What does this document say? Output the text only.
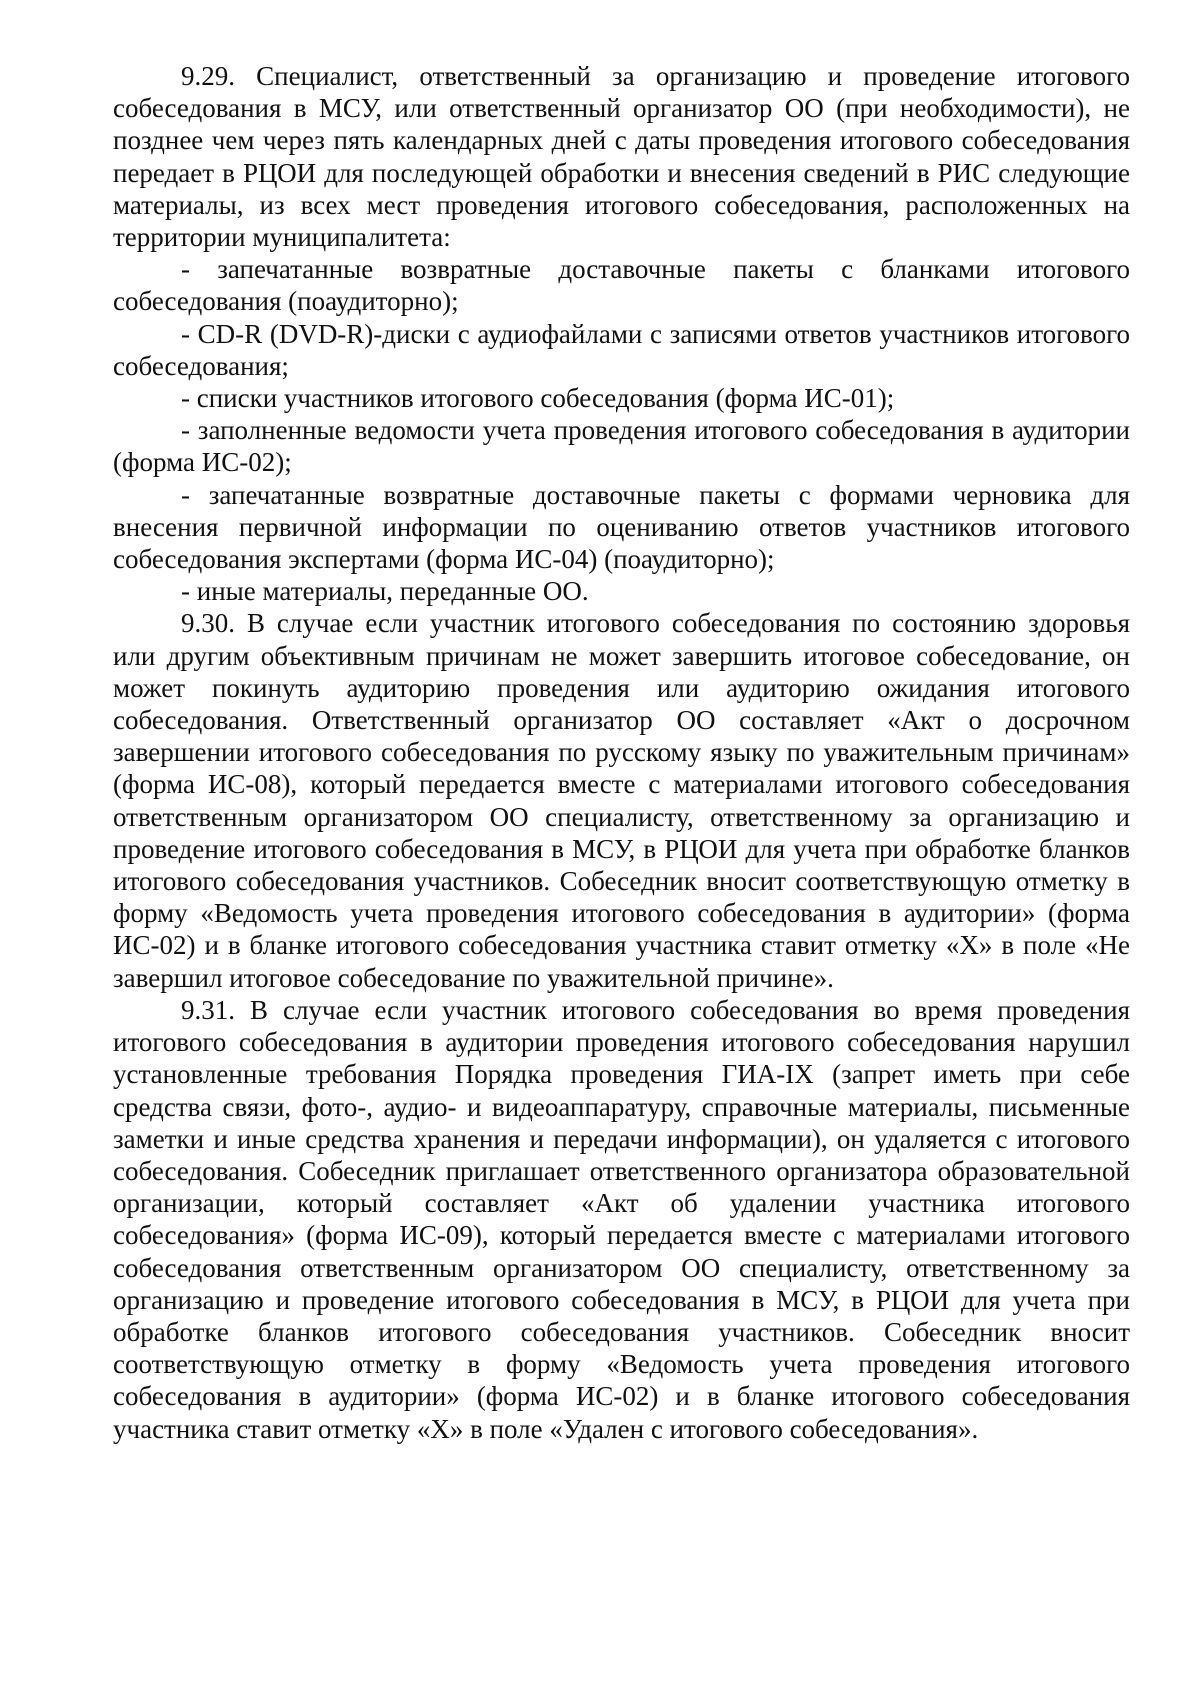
9.29. Специалист, ответственный за организацию и проведение итогового собеседования в МСУ, или ответственный организатор ОО (при необходимости), не позднее чем через пять календарных дней с даты проведения итогового собеседования передает в РЦОИ для последующей обработки и внесения сведений в РИС следующие материалы, из всех мест проведения итогового собеседования, расположенных на территории муниципалитета:

- запечатанные возвратные доставочные пакеты с бланками итогового собеседования (поаудиторно);

- CD-R (DVD-R)-диски с аудиофайлами с записями ответов участников итогового собеседования;

- списки участников итогового собеседования (форма ИС-01);

- заполненные ведомости учета проведения итогового собеседования в аудитории (форма ИС-02);

- запечатанные возвратные доставочные пакеты с формами черновика для внесения первичной информации по оцениванию ответов участников итогового собеседования экспертами (форма ИС-04) (поаудиторно);

- иные материалы, переданные ОО.

9.30. В случае если участник итогового собеседования по состоянию здоровья или другим объективным причинам не может завершить итоговое собеседование, он может покинуть аудиторию проведения или аудиторию ожидания итогового собеседования. Ответственный организатор ОО составляет «Акт о досрочном завершении итогового собеседования по русскому языку по уважительным причинам» (форма ИС-08), который передается вместе с материалами итогового собеседования ответственным организатором ОО специалисту, ответственному за организацию и проведение итогового собеседования в МСУ, в РЦОИ для учета при обработке бланков итогового собеседования участников. Собеседник вносит соответствующую отметку в форму «Ведомость учета проведения итогового собеседования в аудитории» (форма ИС-02) и в бланке итогового собеседования участника ставит отметку «Х» в поле «Не завершил итоговое собеседование по уважительной причине».

9.31. В случае если участник итогового собеседования во время проведения итогового собеседования в аудитории проведения итогового собеседования нарушил установленные требования Порядка проведения ГИА-IX (запрет иметь при себе средства связи, фото-, аудио- и видеоаппаратуру, справочные материалы, письменные заметки и иные средства хранения и передачи информации), он удаляется с итогового собеседования. Собеседник приглашает ответственного организатора образовательной организации, который составляет «Акт об удалении участника итогового собеседования» (форма ИС-09), который передается вместе с материалами итогового собеседования ответственным организатором ОО специалисту, ответственному за организацию и проведение итогового собеседования в МСУ, в РЦОИ для учета при обработке бланков итогового собеседования участников. Собеседник вносит соответствующую отметку в форму «Ведомость учета проведения итогового собеседования в аудитории» (форма ИС-02) и в бланке итогового собеседования участника ставит отметку «Х» в поле «Удален с итогового собеседования».
